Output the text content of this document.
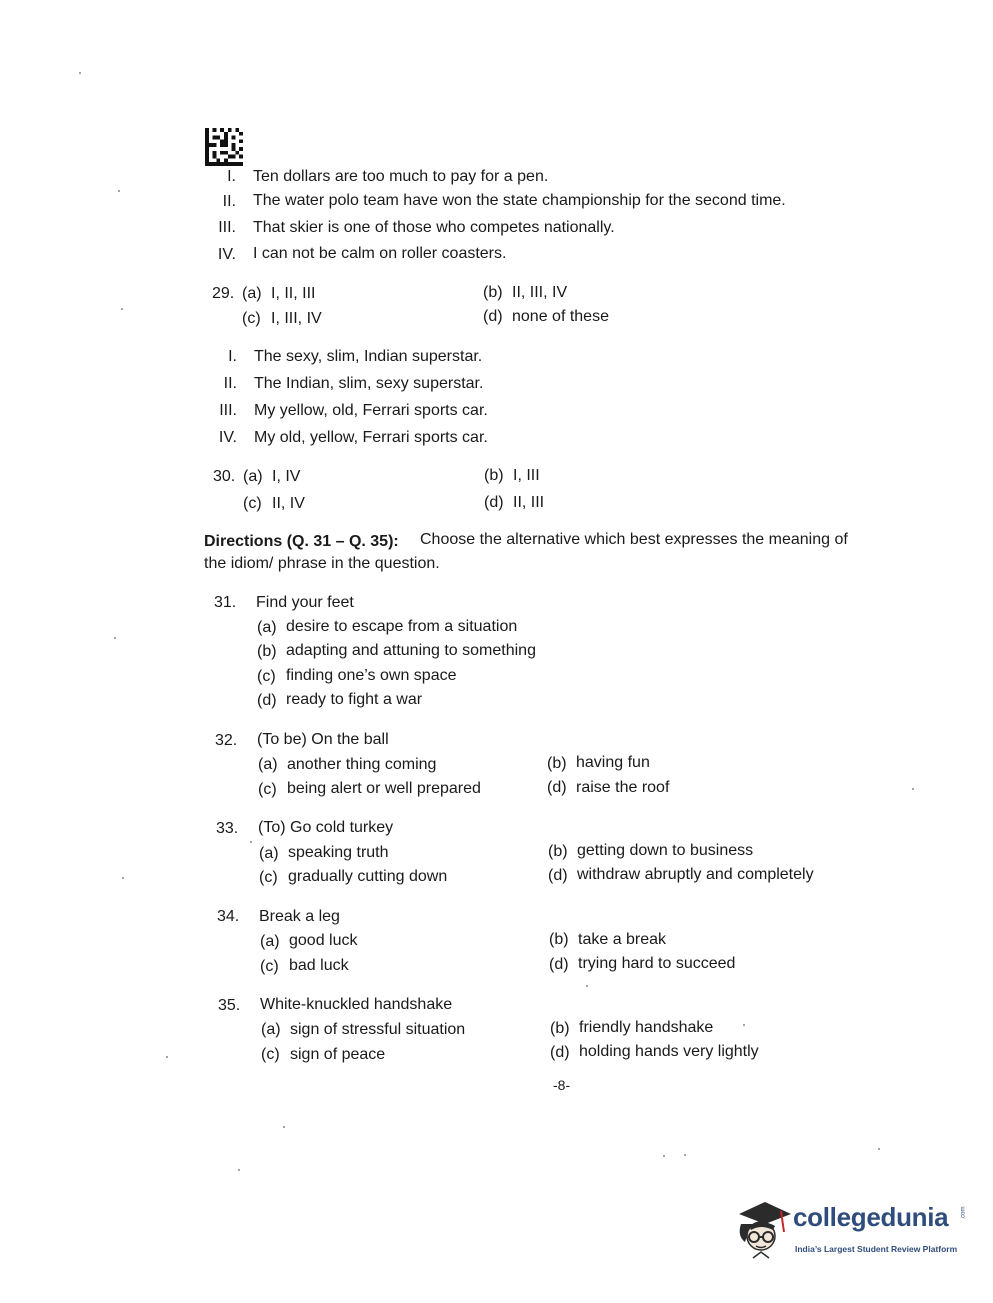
I. Ten dollars are too much to pay for a pen.
II. The water polo team have won the state championship for the second time.
III. That skier is one of those who competes nationally.
IV. I can not be calm on roller coasters.
29. (a) I, II, III	(b) II, III, IV
(c) I, III, IV	(d) none of these
I. The sexy, slim, Indian superstar.
II. The Indian, slim, sexy superstar.
III. My yellow, old, Ferrari sports car.
IV. My old, yellow, Ferrari sports car.
30. (a) I, IV	(b) I, III
(c) II, IV	(d) II, III
Directions (Q. 31 – Q. 35): Choose the alternative which best expresses the meaning of
the idiom/ phrase in the question.
31. Find your feet
(a) desire to escape from a situation
(b) adapting and attuning to something
(c) finding one’s own space
(d) ready to fight a war
32. (To be) On the ball
(a) another thing coming	(b) having fun
(c) being alert or well prepared	(d) raise the roof
33. (To) Go cold turkey
(a) speaking truth	(b) getting down to business
(c) gradually cutting down	(d) withdraw abruptly and completely
34. Break a leg
(a) good luck	(b) take a break
(c) bad luck	(d) trying hard to succeed
35. White-knuckled handshake
(a) sign of stressful situation	(b) friendly handshake
(c) sign of peace	(d) holding hands very lightly
-8-
collegedunia .com
India’s Largest Student Review Platform
